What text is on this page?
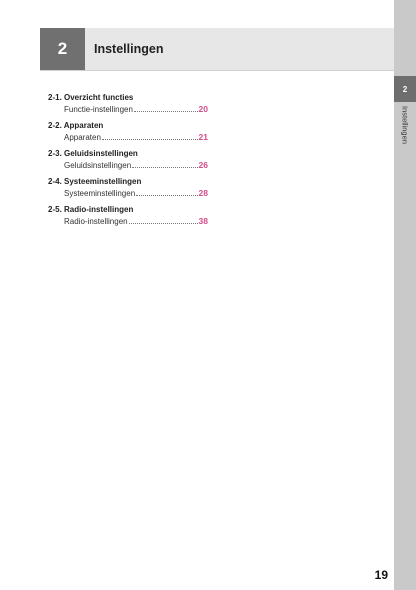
2 Instellingen
2
Instellingen
2-1. Overzicht functies
Functie-instellingen	20
2-2. Apparaten
Apparaten	21
2-3. Geluidsinstellingen
Geluidsinstellingen	26
2-4. Systeeminstellingen
Systeeminstellingen	28
2-5. Radio-instellingen
Radio-instellingen	38
19
